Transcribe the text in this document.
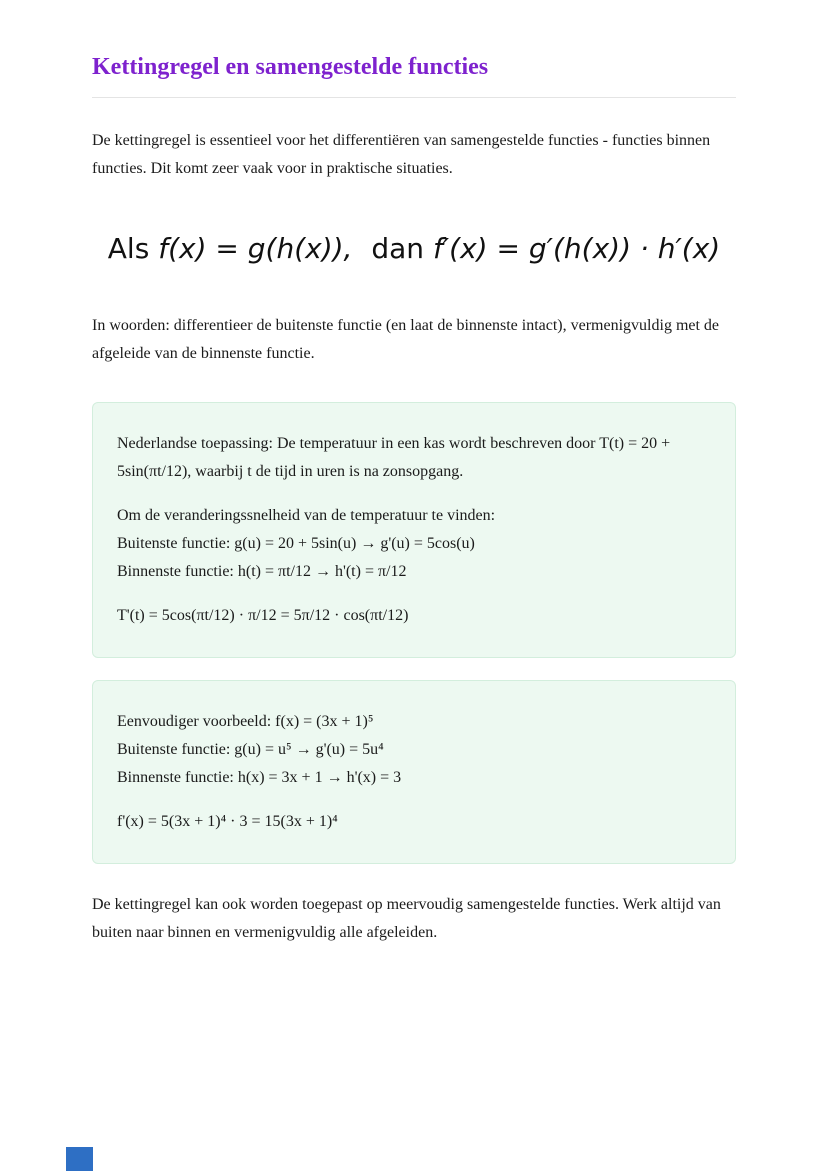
Kettingregel en samengestelde functies

De kettingregel is essentieel voor het differentiëren van samengestelde functies - functies binnen functies. Dit komt zeer vaak voor in praktische situaties.

Als f(x) = g(h(x)), dan f′(x) = g′(h(x)) · h′(x)

In woorden: differentieer de buitenste functie (en laat de binnenste intact), vermenigvuldig met de afgeleide van de binnenste functie.

Nederlandse toepassing: De temperatuur in een kas wordt beschreven door T(t) = 20 + 5sin(πt/12), waarbij t de tijd in uren is na zonsopgang.

Om de veranderingssnelheid van de temperatuur te vinden:
Buitenste functie: g(u) = 20 + 5sin(u) → g'(u) = 5cos(u)
Binnenste functie: h(t) = πt/12 → h'(t) = π/12

T'(t) = 5cos(πt/12) · π/12 = 5π/12 · cos(πt/12)

Eenvoudiger voorbeeld: f(x) = (3x + 1)⁵
Buitenste functie: g(u) = u⁵ → g'(u) = 5u⁴
Binnenste functie: h(x) = 3x + 1 → h'(x) = 3

f'(x) = 5(3x + 1)⁴ · 3 = 15(3x + 1)⁴

De kettingregel kan ook worden toegepast op meervoudig samengestelde functies. Werk altijd van buiten naar binnen en vermenigvuldig alle afgeleiden.
